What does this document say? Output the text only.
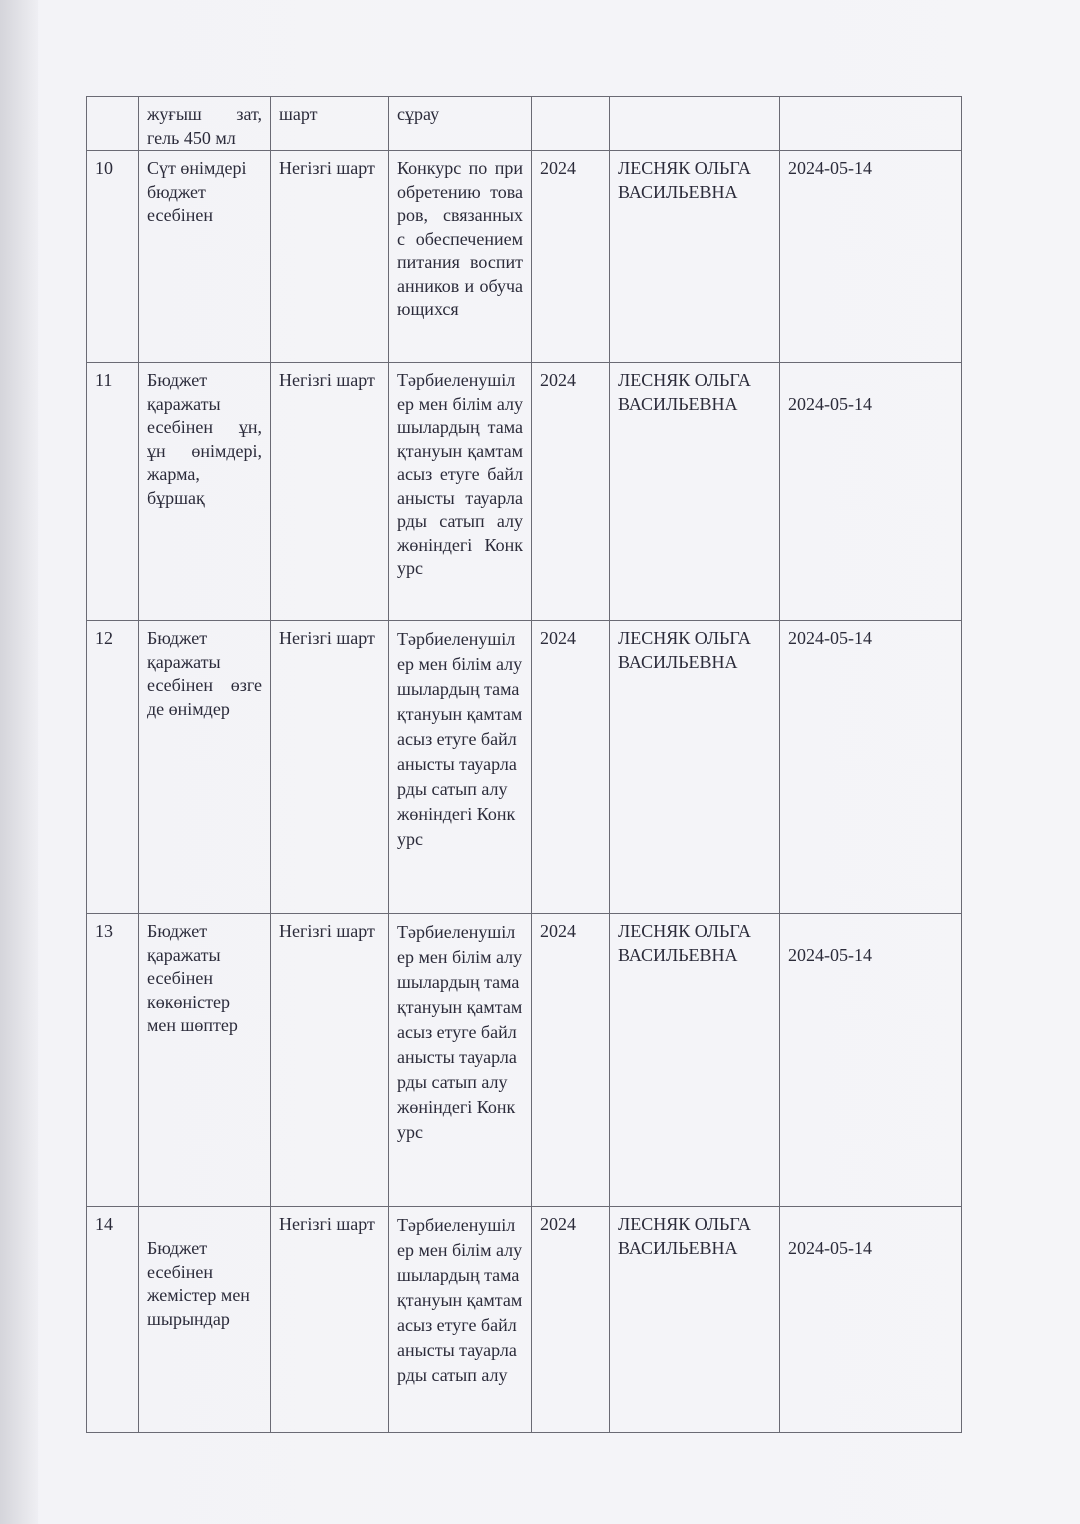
	жуғыш зат, гель 450 мл	шарт	сұрау			
10	Сүт өнімдері бюджет есебінен	Негізгі шарт	Конкурс по приобретению товаров, связанных с обеспечением питания воспитанников и обучающихся	2024	ЛЕСНЯК ОЛЬГА ВАСИЛЬЕВНА	2024-05-14
11	Бюджет қаражаты есебінен ұн, ұн өнімдері, жарма, бұршақ	Негізгі шарт	Тәрбиеленушілер мен білім алушылардың тамақтануын қамтамасыз етуге байланысты тауарларды сатып алу жөніндегі Конкурс	2024	ЛЕСНЯК ОЛЬГА ВАСИЛЬЕВНА	2024-05-14
12	Бюджет қаражаты есебінен өзге де өнімдер	Негізгі шарт	Тәрбиеленушілер мен білім алушылардың тамақтануын қамтамасыз етуге байланысты тауарларды сатып алу жөніндегі Конкурс	2024	ЛЕСНЯК ОЛЬГА ВАСИЛЬЕВНА	2024-05-14
13	Бюджет қаражаты есебінен көкөністер мен шөптер	Негізгі шарт	Тәрбиеленушілер мен білім алушылардың тамақтануын қамтамасыз етуге байланысты тауарларды сатып алу жөніндегі Конкурс	2024	ЛЕСНЯК ОЛЬГА ВАСИЛЬЕВНА	2024-05-14
14	Бюджет есебінен жемістер мен шырындар	Негізгі шарт	Тәрбиеленушілер мен білім алушылардың тамақтануын қамтамасыз етуге байланысты тауарларды сатып алу	2024	ЛЕСНЯК ОЛЬГА ВАСИЛЬЕВНА	2024-05-14
